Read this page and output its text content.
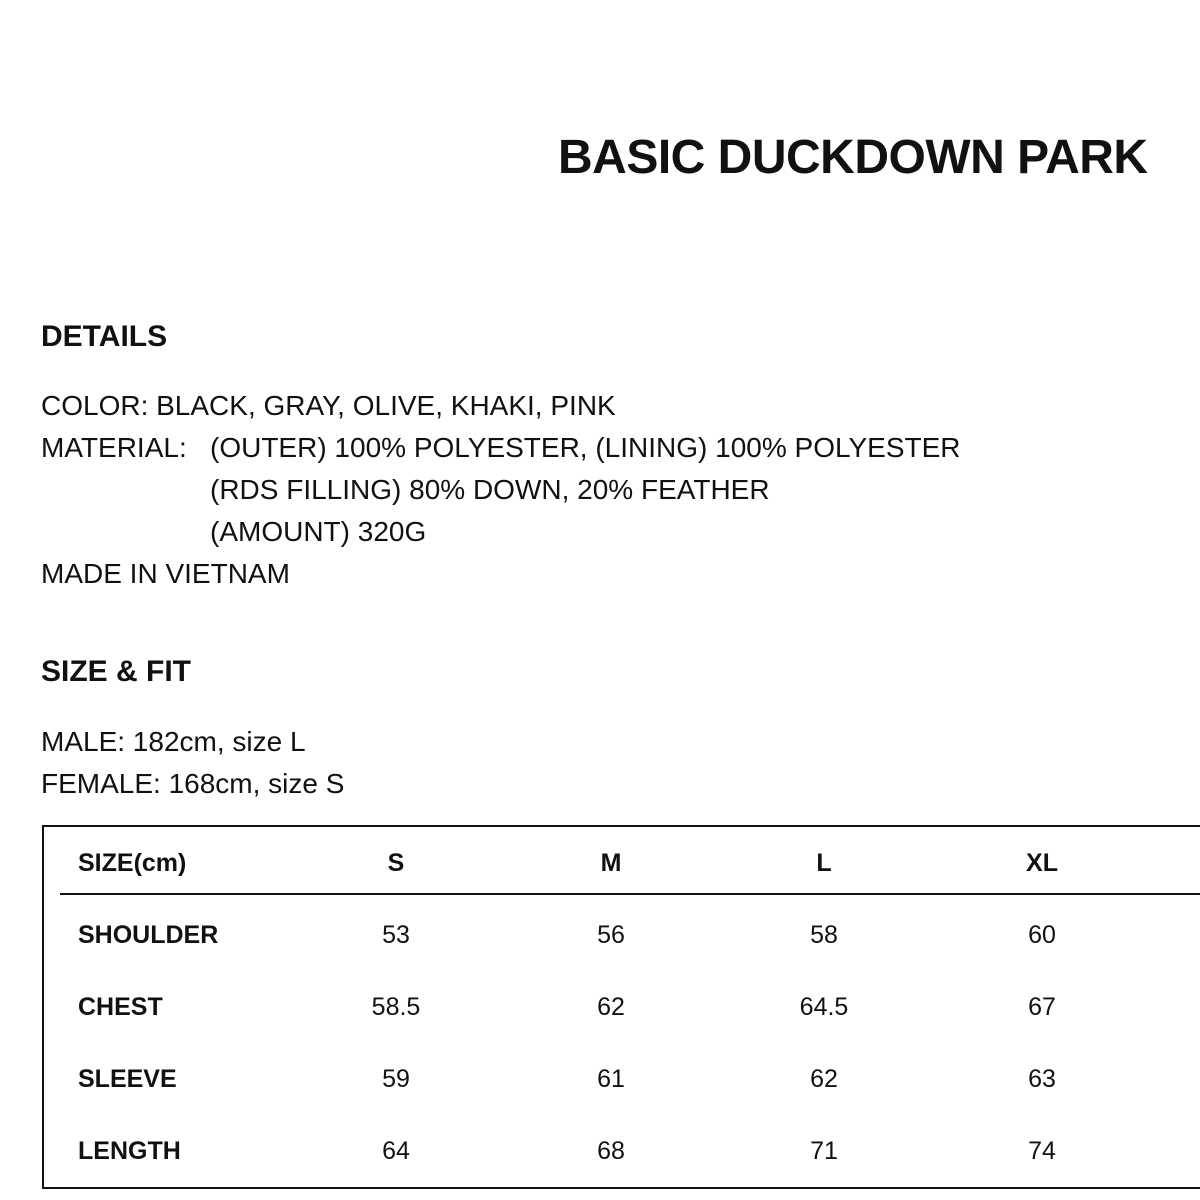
BASIC DUCKDOWN PARK
DETAILS
COLOR: BLACK, GRAY, OLIVE, KHAKI, PINK
MATERIAL: (OUTER) 100% POLYESTER, (LINING) 100% POLYESTER
(RDS FILLING) 80% DOWN, 20% FEATHER
(AMOUNT) 320G
MADE IN VIETNAM
SIZE & FIT
MALE: 182cm, size L
FEMALE: 168cm, size S
SIZE(cm)	S	M	L	XL
SHOULDER	53	56	58	60
CHEST	58.5	62	64.5	67
SLEEVE	59	61	62	63
LENGTH	64	68	71	74
